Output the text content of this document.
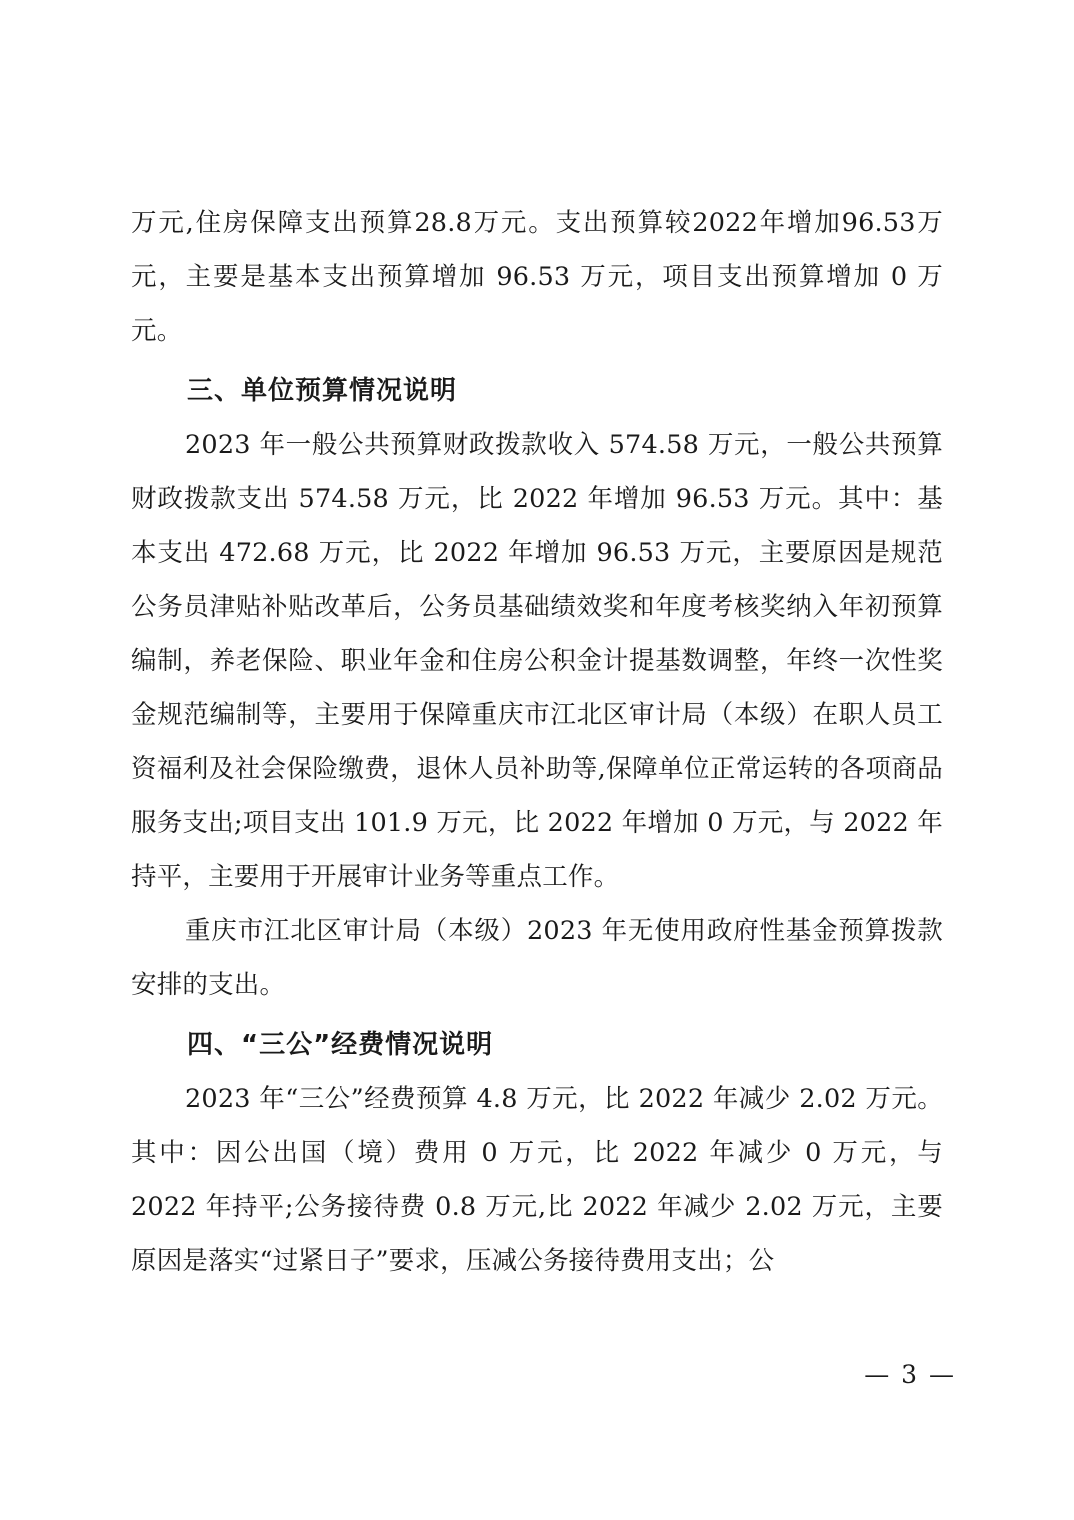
万元,住房保障支出预算28.8万元。支出预算较2022年增加96.53万元，主要是基本支出预算增加 96.53 万元，项目支出预算增加 0 万元。

三、单位预算情况说明

2023 年一般公共预算财政拨款收入 574.58 万元，一般公共预算财政拨款支出 574.58 万元，比 2022 年增加 96.53 万元。其中：基本支出 472.68 万元，比 2022 年增加 96.53 万元，主要原因是规范公务员津贴补贴改革后，公务员基础绩效奖和年度考核奖纳入年初预算编制，养老保险、职业年金和住房公积金计提基数调整，年终一次性奖金规范编制等，主要用于保障重庆市江北区审计局（本级）在职人员工资福利及社会保险缴费，退休人员补助等,保障单位正常运转的各项商品服务支出;项目支出 101.9 万元，比 2022 年增加 0 万元，与 2022 年持平，主要用于开展审计业务等重点工作。

重庆市江北区审计局（本级）2023 年无使用政府性基金预算拨款安排的支出。

四、“三公”经费情况说明

2023 年“三公”经费预算 4.8 万元，比 2022 年减少 2.02 万元。其中：因公出国（境）费用 0 万元，比 2022 年减少 0 万元，与 2022 年持平;公务接待费 0.8 万元,比 2022 年减少 2.02 万元，主要原因是落实“过紧日子”要求，压减公务接待费用支出；公

— 3 —
